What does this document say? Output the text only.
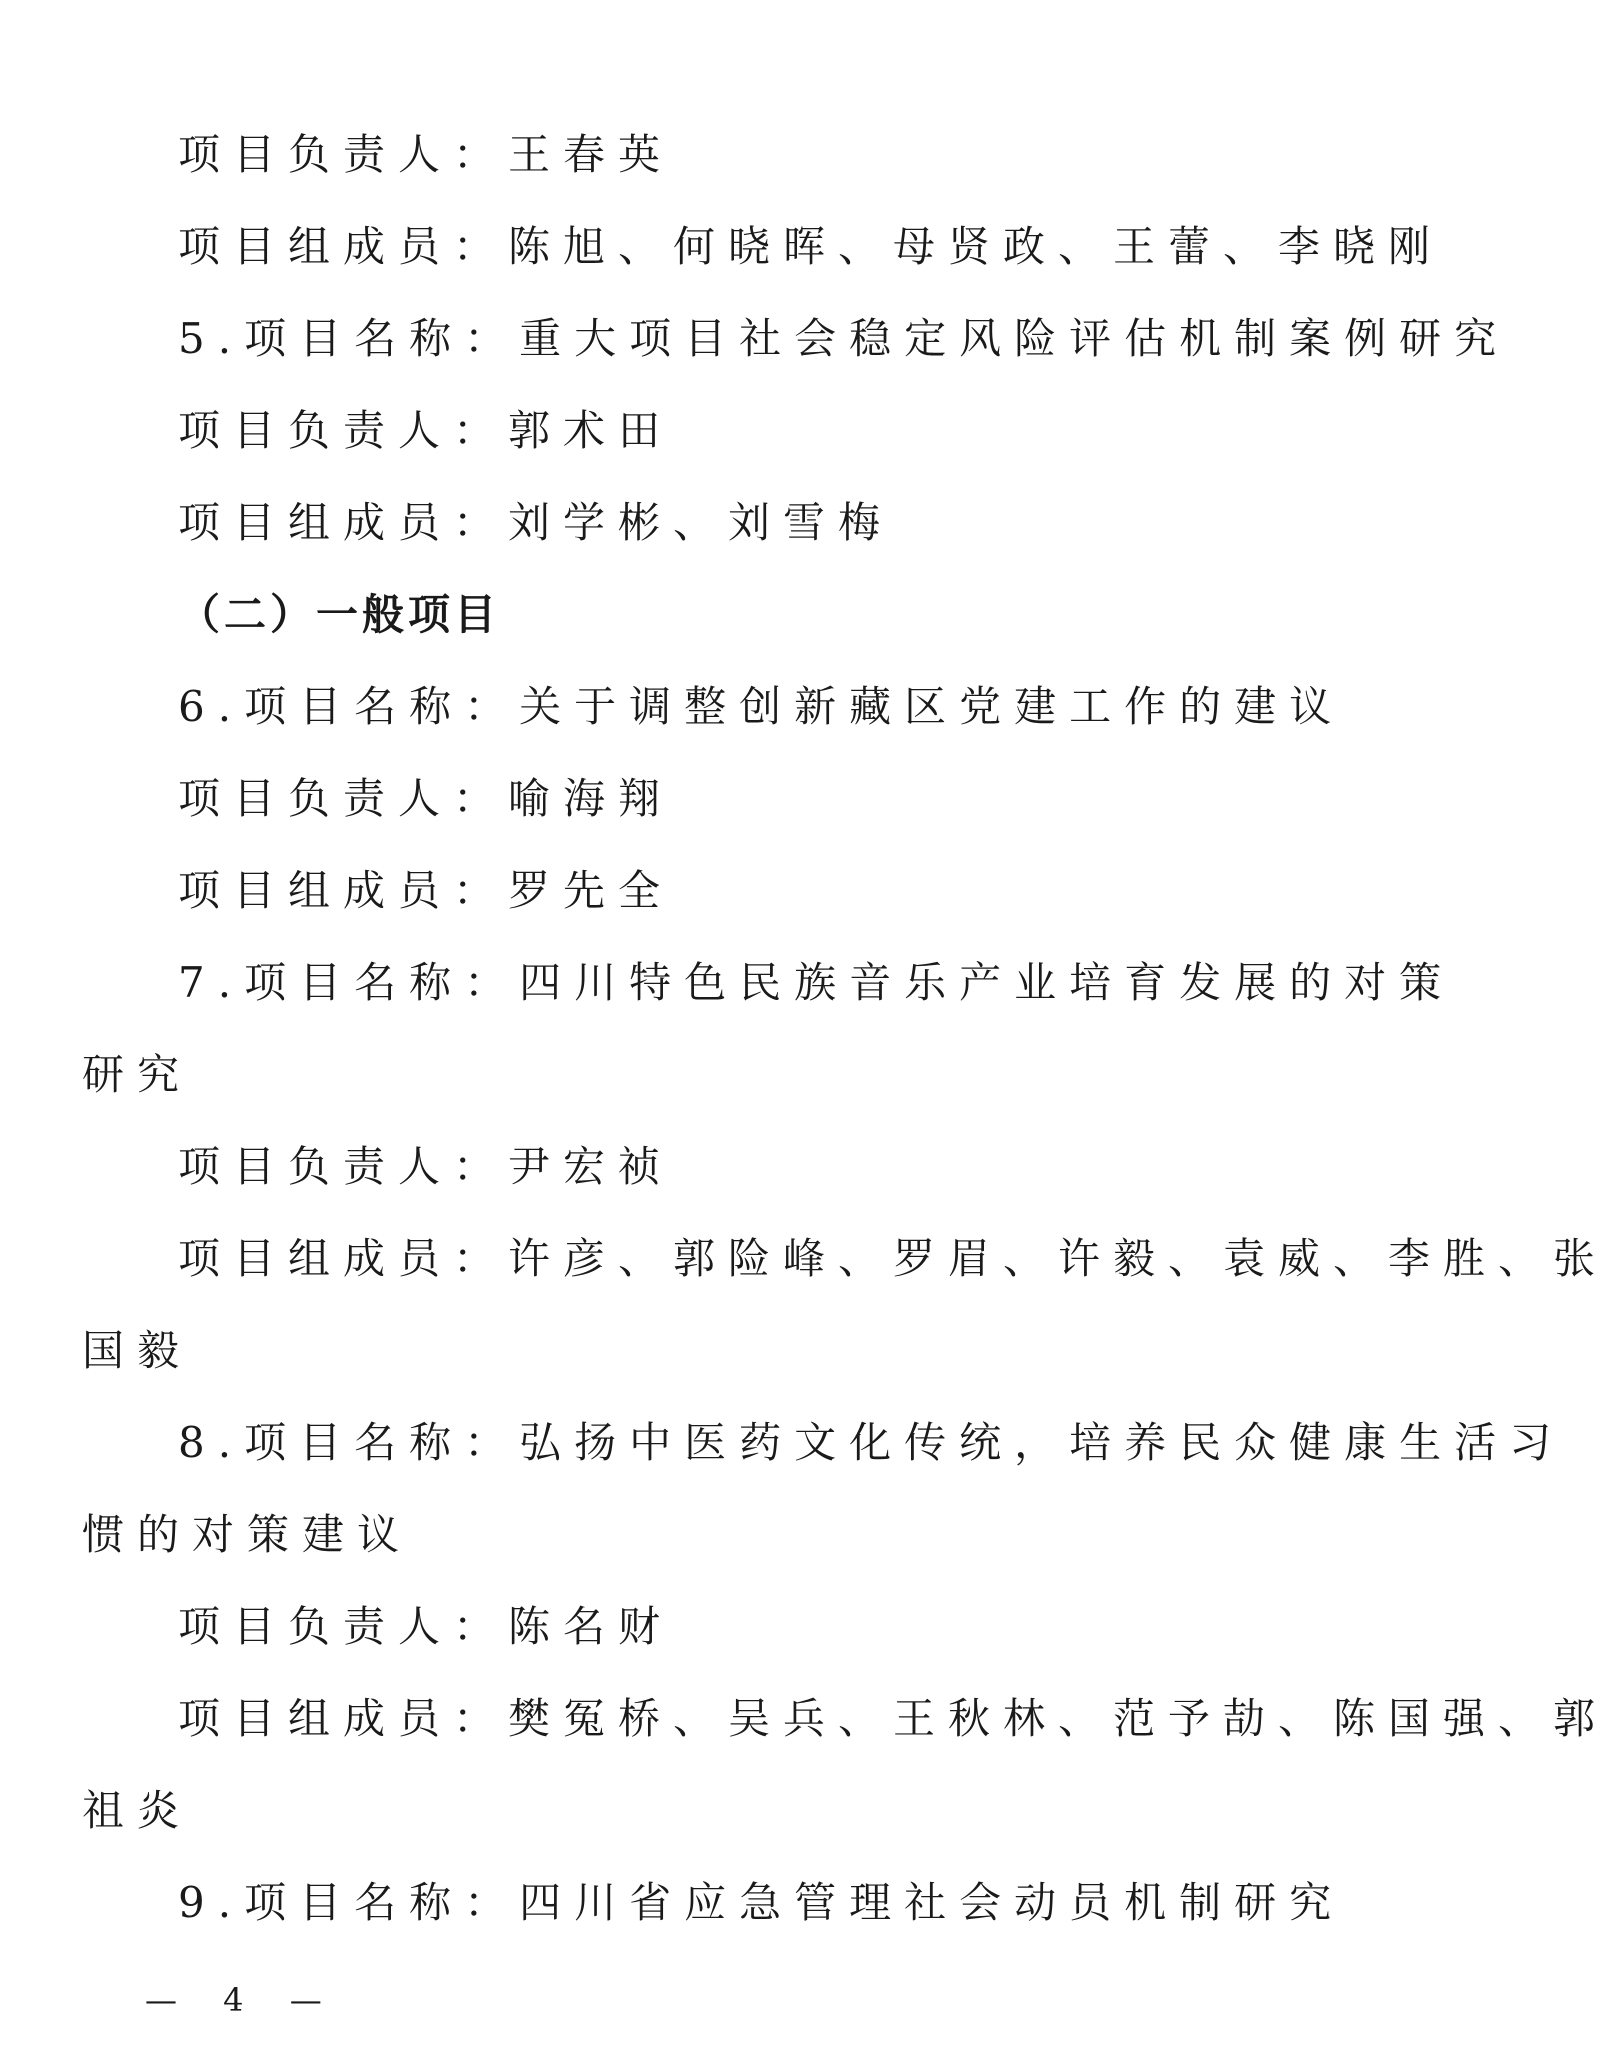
项目负责人：王春英
项目组成员：陈旭、何晓晖、母贤政、王蕾、李晓刚
5.项目名称：重大项目社会稳定风险评估机制案例研究
项目负责人：郭术田
项目组成员：刘学彬、刘雪梅
（二）一般项目
6.项目名称：关于调整创新藏区党建工作的建议
项目负责人：喻海翔
项目组成员：罗先全
7.项目名称：四川特色民族音乐产业培育发展的对策
研究
项目负责人：尹宏祯
项目组成员：许彦、郭险峰、罗眉、许毅、袁威、李胜、张
国毅
8.项目名称：弘扬中医药文化传统，培养民众健康生活习
惯的对策建议
项目负责人：陈名财
项目组成员：樊冤桥、吴兵、王秋林、范予劼、陈国强、郭
祖炎
9.项目名称：四川省应急管理社会动员机制研究
— 4 —
